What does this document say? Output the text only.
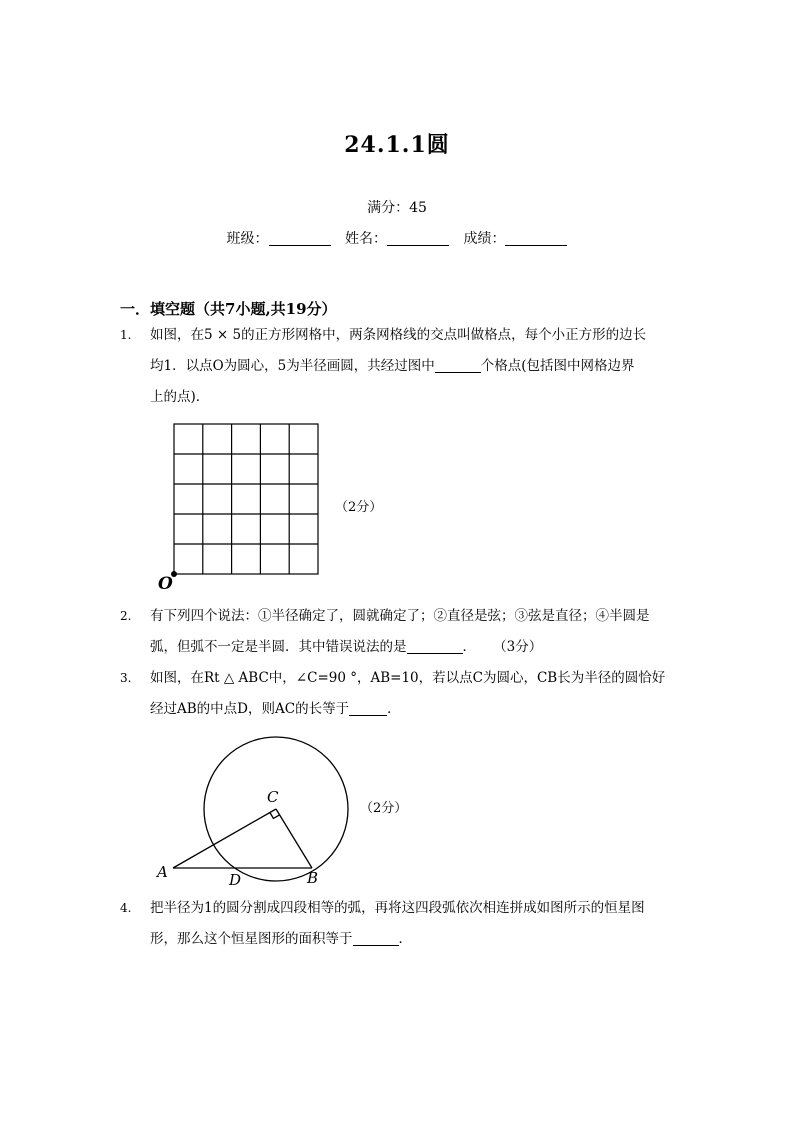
24.1.1圆
满分：45
班级：	姓名：	成绩：
一．填空题（共7小题,共19分）
1. 如图，在5 × 5的正方形网格中，两条网格线的交点叫做格点，每个小正方形的边长
均1．以点O为圆心，5为半径画圆，共经过图中	个格点(包括图中网格边界
上的点)．
O
（2分）
2. 有下列四个说法：①半径确定了，圆就确定了；②直径是弦；③弦是直径；④半圆是
弧，但弧不一定是半圆．其中错误说法的是	． （3分）
3. 如图，在Rt △ ABC中，∠C=90 °，AB=10，若以点C为圆心，CB长为半径的圆恰好
经过AB的中点D，则AC的长等于	．
A	B
C
D
（2分）
4. 把半径为1的圆分割成四段相等的弧，再将这四段弧依次相连拼成如图所示的恒星图
形，那么这个恒星图形的面积等于	．
